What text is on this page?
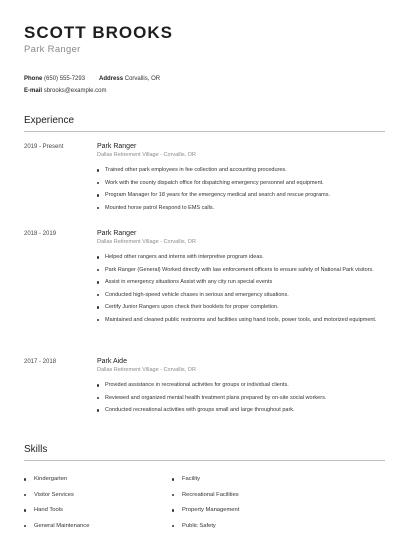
SCOTT BROOKS
Park Ranger
Phone (650) 555-7293 Address Corvallis, OR
E-mail sbrooks@example.com
Experience
2019 - Present	Park Ranger
Dallas Retirement Village - Corvallis, OR
Trained other park employees in fee collection and accounting procedures.
Work with the county dispatch office for dispatching emergency personnel and equipment.
Program Manager for 18 years for the emergency medical and search and rescue programs.
Mounted horse patrol Respond to EMS calls.
2018 - 2019	Park Ranger
Dallas Retirement Village - Corvallis, OR
Helped other rangers and interns with interpretive program ideas.
Park Ranger (General) Worked directly with law enforcement officers to ensure safety of National Park visitors.
Assist in emergency situations Assist with any city run special events
Conducted high-speed vehicle chases in serious and emergency situations.
Certify Junior Rangers upon check their booklets for proper completion.
Maintained and cleaned public restrooms and facilities using hand tools, power tools, and motorized equipment.
2017 - 2018	Park Aide
Dallas Retirement Village - Corvallis, OR
Provided assistance in recreational activities for groups or individual clients.
Reviewed and organized mental health treatment plans prepared by on-site social workers.
Conducted recreational activities with groups small and large throughout park.
Skills
Kindergarten
Visitor Services
Hand Tools
General Maintenance
Facility
Recreational Facilities
Property Management
Public Safety
